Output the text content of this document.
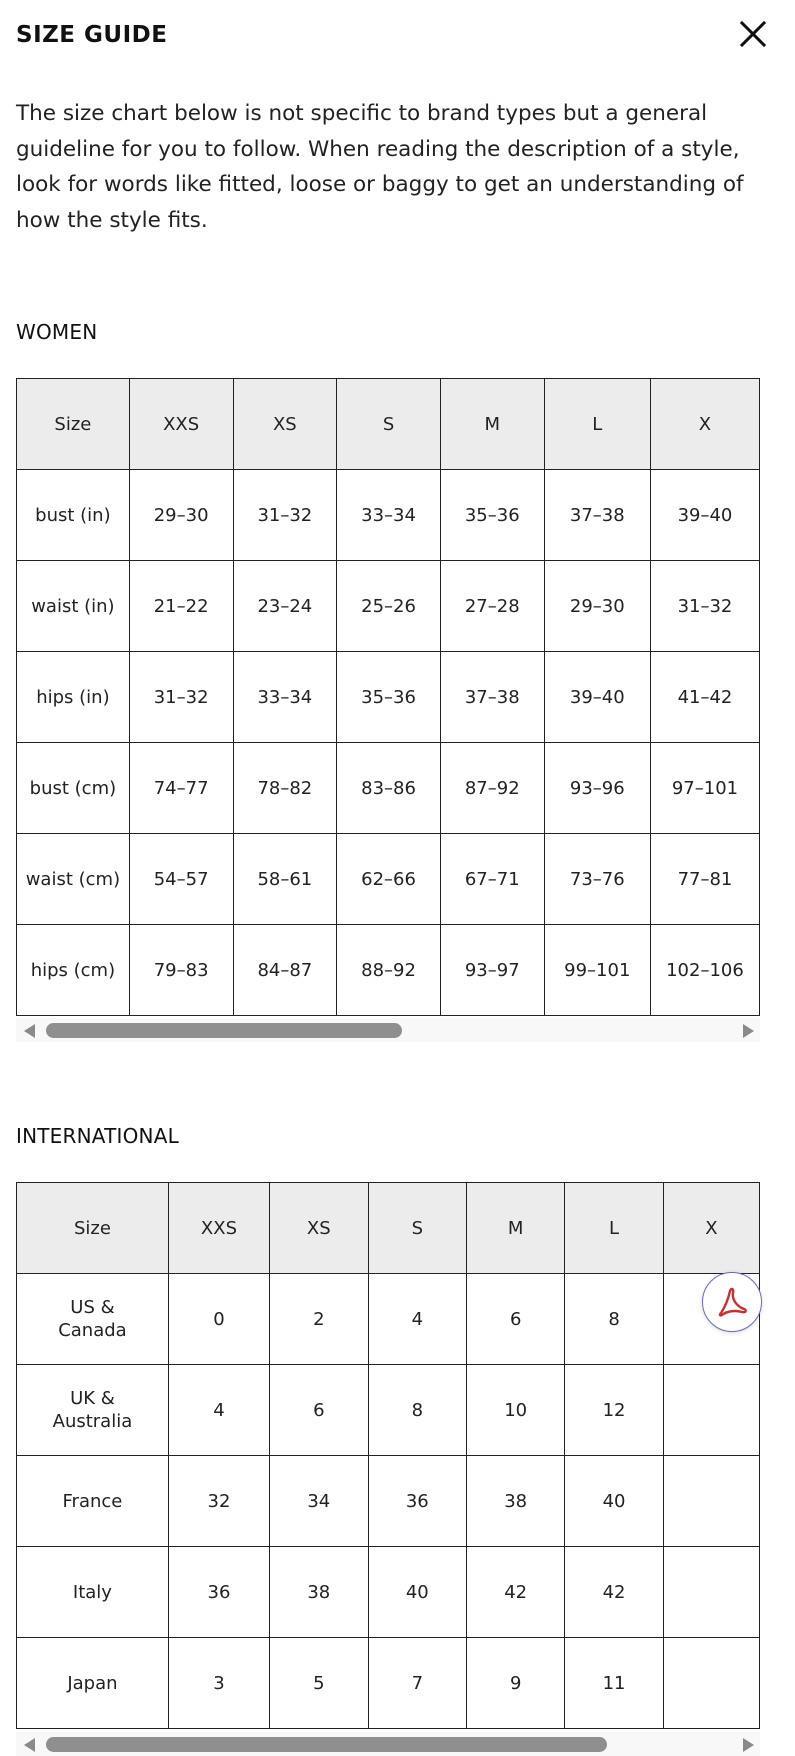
SIZE GUIDE
The size chart below is not specific to brand types but a general guideline for you to follow. When reading the description of a style, look for words like fitted, loose or baggy to get an understanding of how the style fits.
WOMEN
Size	XXS	XS	S	M	L	X
bust (in)	29–30	31–32	33–34	35–36	37–38	39–40
waist (in)	21–22	23–24	25–26	27–28	29–30	31–32
hips (in)	31–32	33–34	35–36	37–38	39–40	41–42
bust (cm)	74–77	78–82	83–86	87–92	93–96	97–101
waist (cm)	54–57	58–61	62–66	67–71	73–76	77–81
hips (cm)	79–83	84–87	88–92	93–97	99–101	102–106
INTERNATIONAL
Size	XXS	XS	S	M	L	X
US & Canada	0	2	4	6	8	
UK & Australia	4	6	8	10	12	
France	32	34	36	38	40	
Italy	36	38	40	42	42	
Japan	3	5	7	9	11	
